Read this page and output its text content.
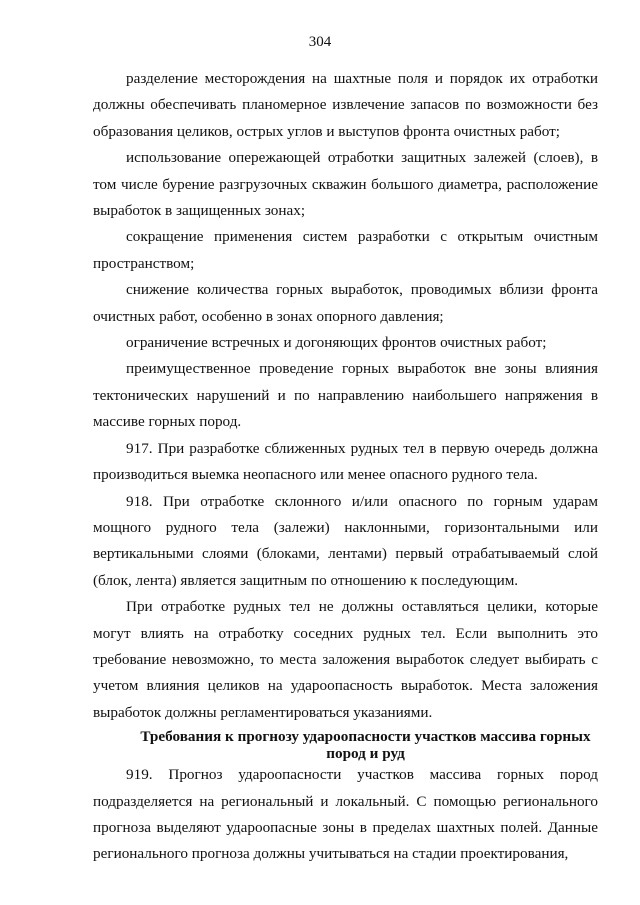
304

разделение месторождения на шахтные поля и порядок их отработки должны обеспечивать планомерное извлечение запасов по возможности без образования целиков, острых углов и выступов фронта очистных работ;

использование опережающей отработки защитных залежей (слоев), в том числе бурение разгрузочных скважин большого диаметра, расположение выработок в защищенных зонах;

сокращение применения систем разработки с открытым очистным пространством;

снижение количества горных выработок, проводимых вблизи фронта очистных работ, особенно в зонах опорного давления;

ограничение встречных и догоняющих фронтов очистных работ;

преимущественное проведение горных выработок вне зоны влияния тектонических нарушений и по направлению наибольшего напряжения в массиве горных пород.

917. При разработке сближенных рудных тел в первую очередь должна производиться выемка неопасного или менее опасного рудного тела.

918. При отработке склонного и/или опасного по горным ударам мощного рудного тела (залежи) наклонными, горизонтальными или вертикальными слоями (блоками, лентами) первый отрабатываемый слой (блок, лента) является защитным по отношению к последующим.

При отработке рудных тел не должны оставляться целики, которые могут влиять на отработку соседних рудных тел. Если выполнить это требование невозможно, то места заложения выработок следует выбирать с учетом влияния целиков на удароопасность выработок. Места заложения выработок должны регламентироваться указаниями.

Требования к прогнозу удароопасности участков массива горных пород и руд

919. Прогноз удароопасности участков массива горных пород подразделяется на региональный и локальный. С помощью регионального прогноза выделяют удароопасные зоны в пределах шахтных полей. Данные регионального прогноза должны учитываться на стадии проектирования,
